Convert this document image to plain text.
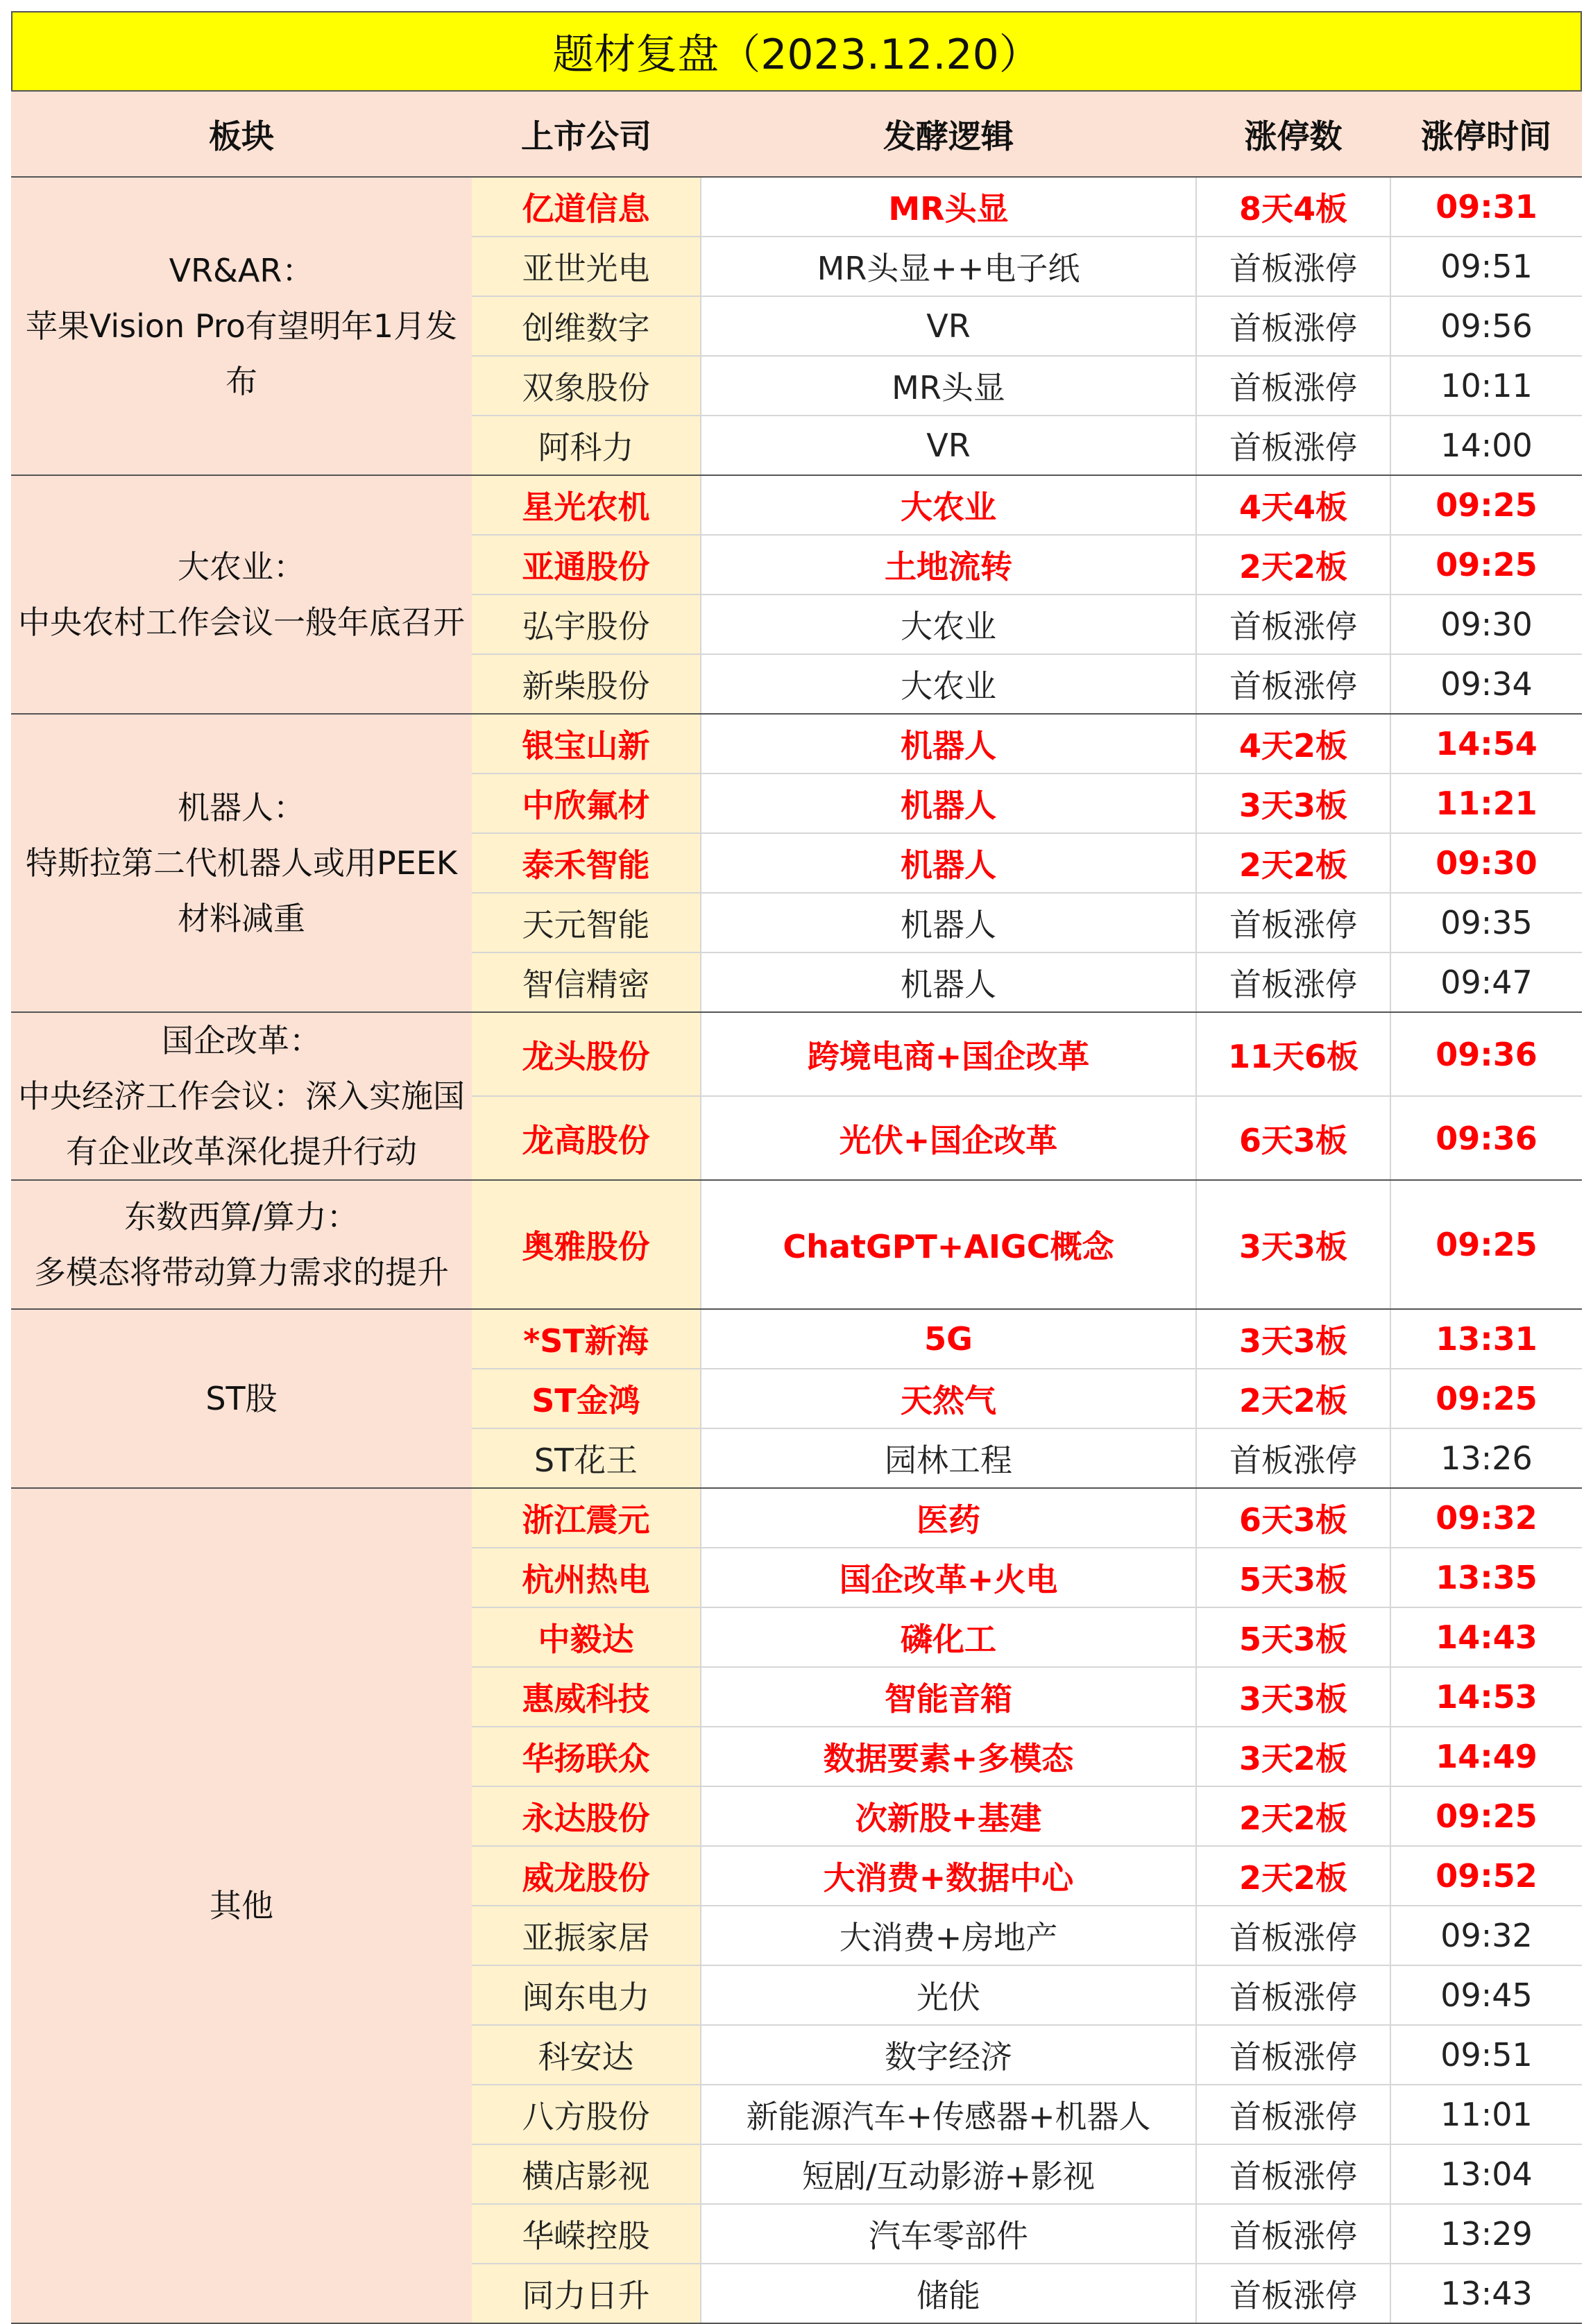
题材复盘（2023.12.20）
板块	上市公司	发酵逻辑	涨停数	涨停时间

VR&AR：
苹果Vision Pro有望明年1月发布	亿道信息	MR头显	8天4板	09:31
	亚世光电	MR头显++电子纸	首板涨停	09:51
	创维数字	VR	首板涨停	09:56
	双象股份	MR头显	首板涨停	10:11
	阿科力	VR	首板涨停	14:00

大农业：
中央农村工作会议一般年底召开	星光农机	大农业	4天4板	09:25
	亚通股份	土地流转	2天2板	09:25
	弘宇股份	大农业	首板涨停	09:30
	新柴股份	大农业	首板涨停	09:34

机器人：
特斯拉第二代机器人或用PEEK材料减重	银宝山新	机器人	4天2板	14:54
	中欣氟材	机器人	3天3板	11:21
	泰禾智能	机器人	2天2板	09:30
	天元智能	机器人	首板涨停	09:35
	智信精密	机器人	首板涨停	09:47

国企改革：
中央经济工作会议：深入实施国有企业改革深化提升行动	龙头股份	跨境电商+国企改革	11天6板	09:36
	龙高股份	光伏+国企改革	6天3板	09:36

东数西算/算力：
多模态将带动算力需求的提升	奥雅股份	ChatGPT+AIGC概念	3天3板	09:25

ST股	*ST新海	5G	3天3板	13:31
	ST金鸿	天然气	2天2板	09:25
	ST花王	园林工程	首板涨停	13:26

其他	浙江震元	医药	6天3板	09:32
	杭州热电	国企改革+火电	5天3板	13:35
	中毅达	磷化工	5天3板	14:43
	惠威科技	智能音箱	3天3板	14:53
	华扬联众	数据要素+多模态	3天2板	14:49
	永达股份	次新股+基建	2天2板	09:25
	威龙股份	大消费+数据中心	2天2板	09:52
	亚振家居	大消费+房地产	首板涨停	09:32
	闽东电力	光伏	首板涨停	09:45
	科安达	数字经济	首板涨停	09:51
	八方股份	新能源汽车+传感器+机器人	首板涨停	11:01
	横店影视	短剧/互动影游+影视	首板涨停	13:04
	华嵘控股	汽车零部件	首板涨停	13:29
	同力日升	储能	首板涨停	13:43
